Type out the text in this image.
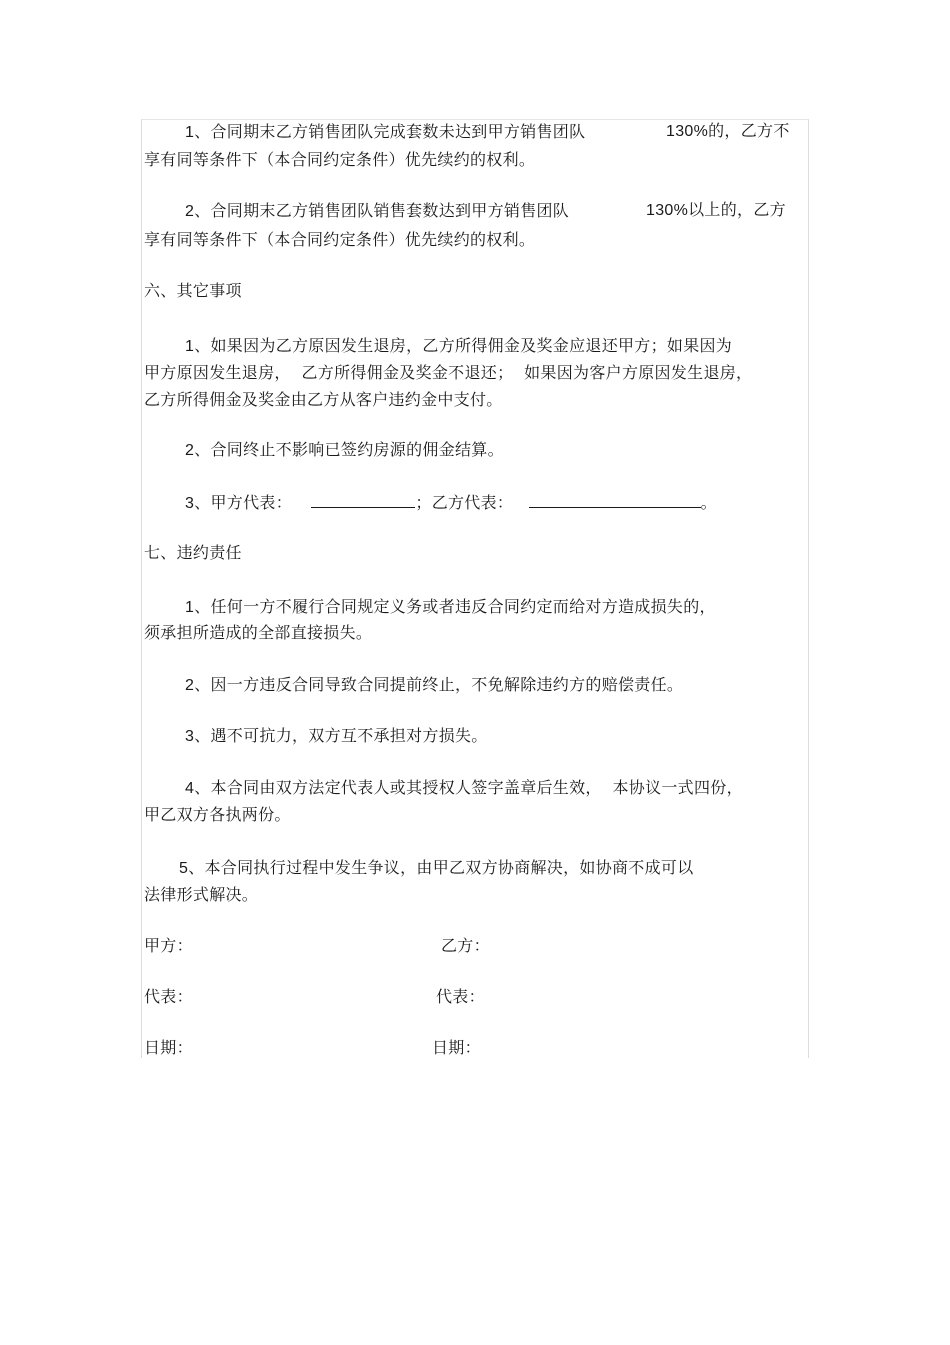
1、合同期末乙方销售团队完成套数未达到甲方销售团队	130%的，乙方不
享有同等条件下（本合同约定条件）优先续约的权利。
2、合同期末乙方销售团队销售套数达到甲方销售团队	130%以上的，乙方
享有同等条件下（本合同约定条件）优先续约的权利。
六、其它事项
1、如果因为乙方原因发生退房，乙方所得佣金及奖金应退还甲方；如果因为
甲方原因发生退房，  乙方所得佣金及奖金不退还；  如果因为客户方原因发生退房，
乙方所得佣金及奖金由乙方从客户违约金中支付。
2、合同终止不影响已签约房源的佣金结算。
3、甲方代表：	；乙方代表：	。
七、违约责任
1、任何一方不履行合同规定义务或者违反合同约定而给对方造成损失的，
须承担所造成的全部直接损失。
2、因一方违反合同导致合同提前终止，不免解除违约方的赔偿责任。
3、遇不可抗力，双方互不承担对方损失。
4、本合同由双方法定代表人或其授权人签字盖章后生效，  本协议一式四份，
甲乙双方各执两份。
5、本合同执行过程中发生争议，由甲乙双方协商解决，如协商不成可以
法律形式解决。
甲方：	乙方：
代表：	代表：
日期：	日期：
